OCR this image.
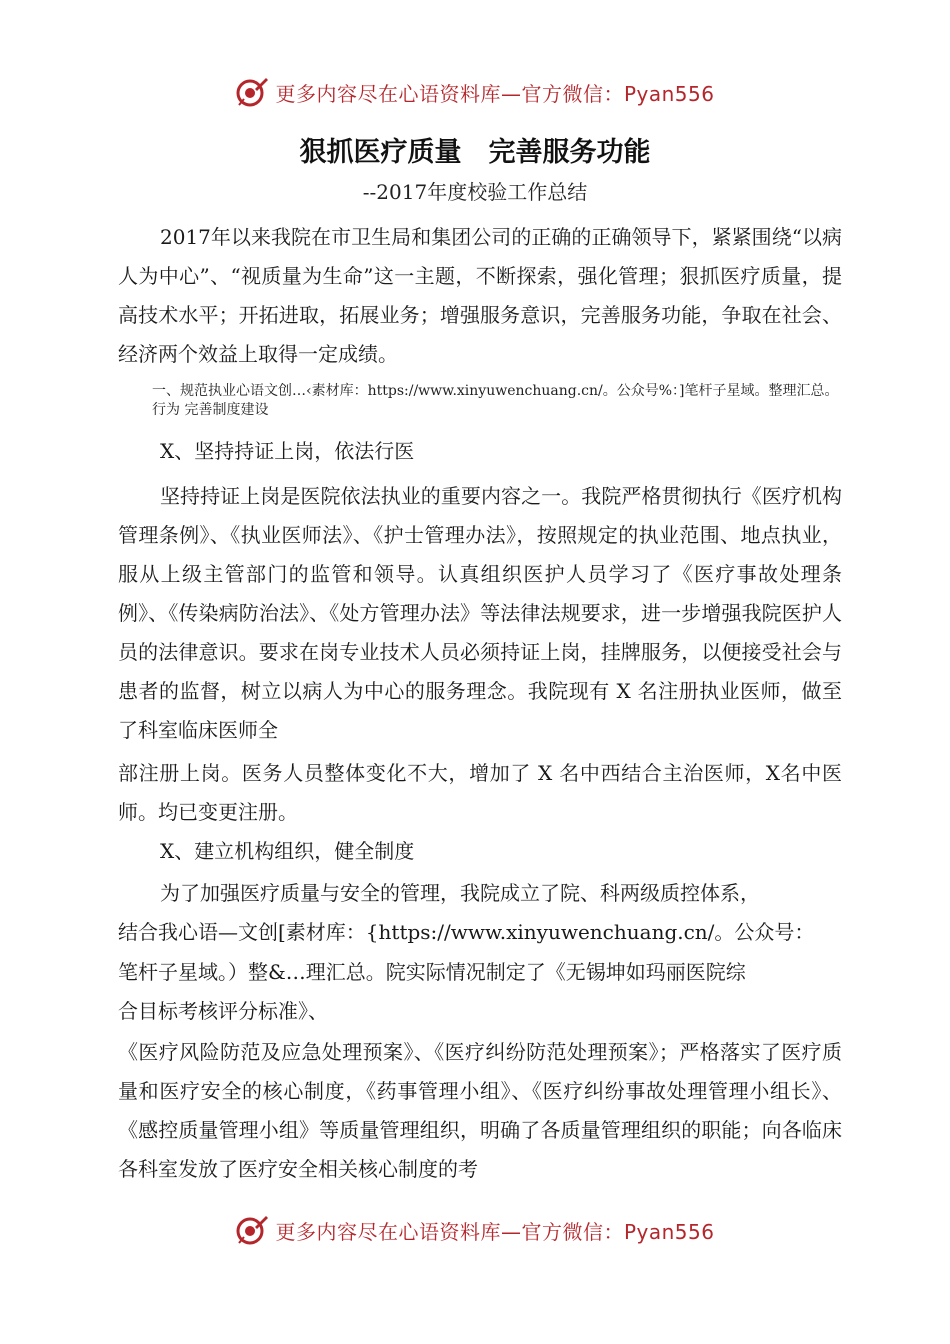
更多内容尽在心语资料库—官方微信：Pyan556
狠抓医疗质量　完善服务功能
--2017年度校验工作总结
2017年以来我院在市卫生局和集团公司的正确的正确领导下，紧紧围绕“以病人为中心”、“视质量为生命”这一主题，不断探索，强化管理；狠抓医疗质量，提高技术水平；开拓进取，拓展业务；增强服务意识，完善服务功能，争取在社会、经济两个效益上取得一定成绩。
一、规范执业心语文创…‹素材库：https://www.xinyuwenchuang.cn/。公众号%：]笔杆子星域。整理汇总。行为 完善制度建设
X、坚持持证上岗，依法行医
坚持持证上岗是医院依法执业的重要内容之一。我院严格贯彻执行《医疗机构管理条例》、《执业医师法》、《护士管理办法》，按照规定的执业范围、地点执业，服从上级主管部门的监管和领导。认真组织医护人员学习了《医疗事故处理条例》、《传染病防治法》、《处方管理办法》等法律法规要求，进一步增强我院医护人员的法律意识。要求在岗专业技术人员必须持证上岗，挂牌服务，以便接受社会与患者的监督，树立以病人为中心的服务理念。我院现有 X 名注册执业医师，做至了科室临床医师全
部注册上岗。医务人员整体变化不大，增加了 X 名中西结合主治医师，X名中医师。均已变更注册。
X、建立机构组织，健全制度
为了加强医疗质量与安全的管理，我院成立了院、科两级质控体系，
结合我心语—文创[素材库：{https://www.xinyuwenchuang.cn/。公众号：
笔杆子星域。）整&…理汇总。院实际情况制定了《无锡坤如玛丽医院综
合目标考核评分标准》、
《医疗风险防范及应急处理预案》、《医疗纠纷防范处理预案》；严格落实了医疗质量和医疗安全的核心制度，《药事管理小组》、《医疗纠纷事故处理管理小组长》、《感控质量管理小组》等质量管理组织，明确了各质量管理组织的职能；向各临床各科室发放了医疗安全相关核心制度的考
更多内容尽在心语资料库—官方微信：Pyan556
